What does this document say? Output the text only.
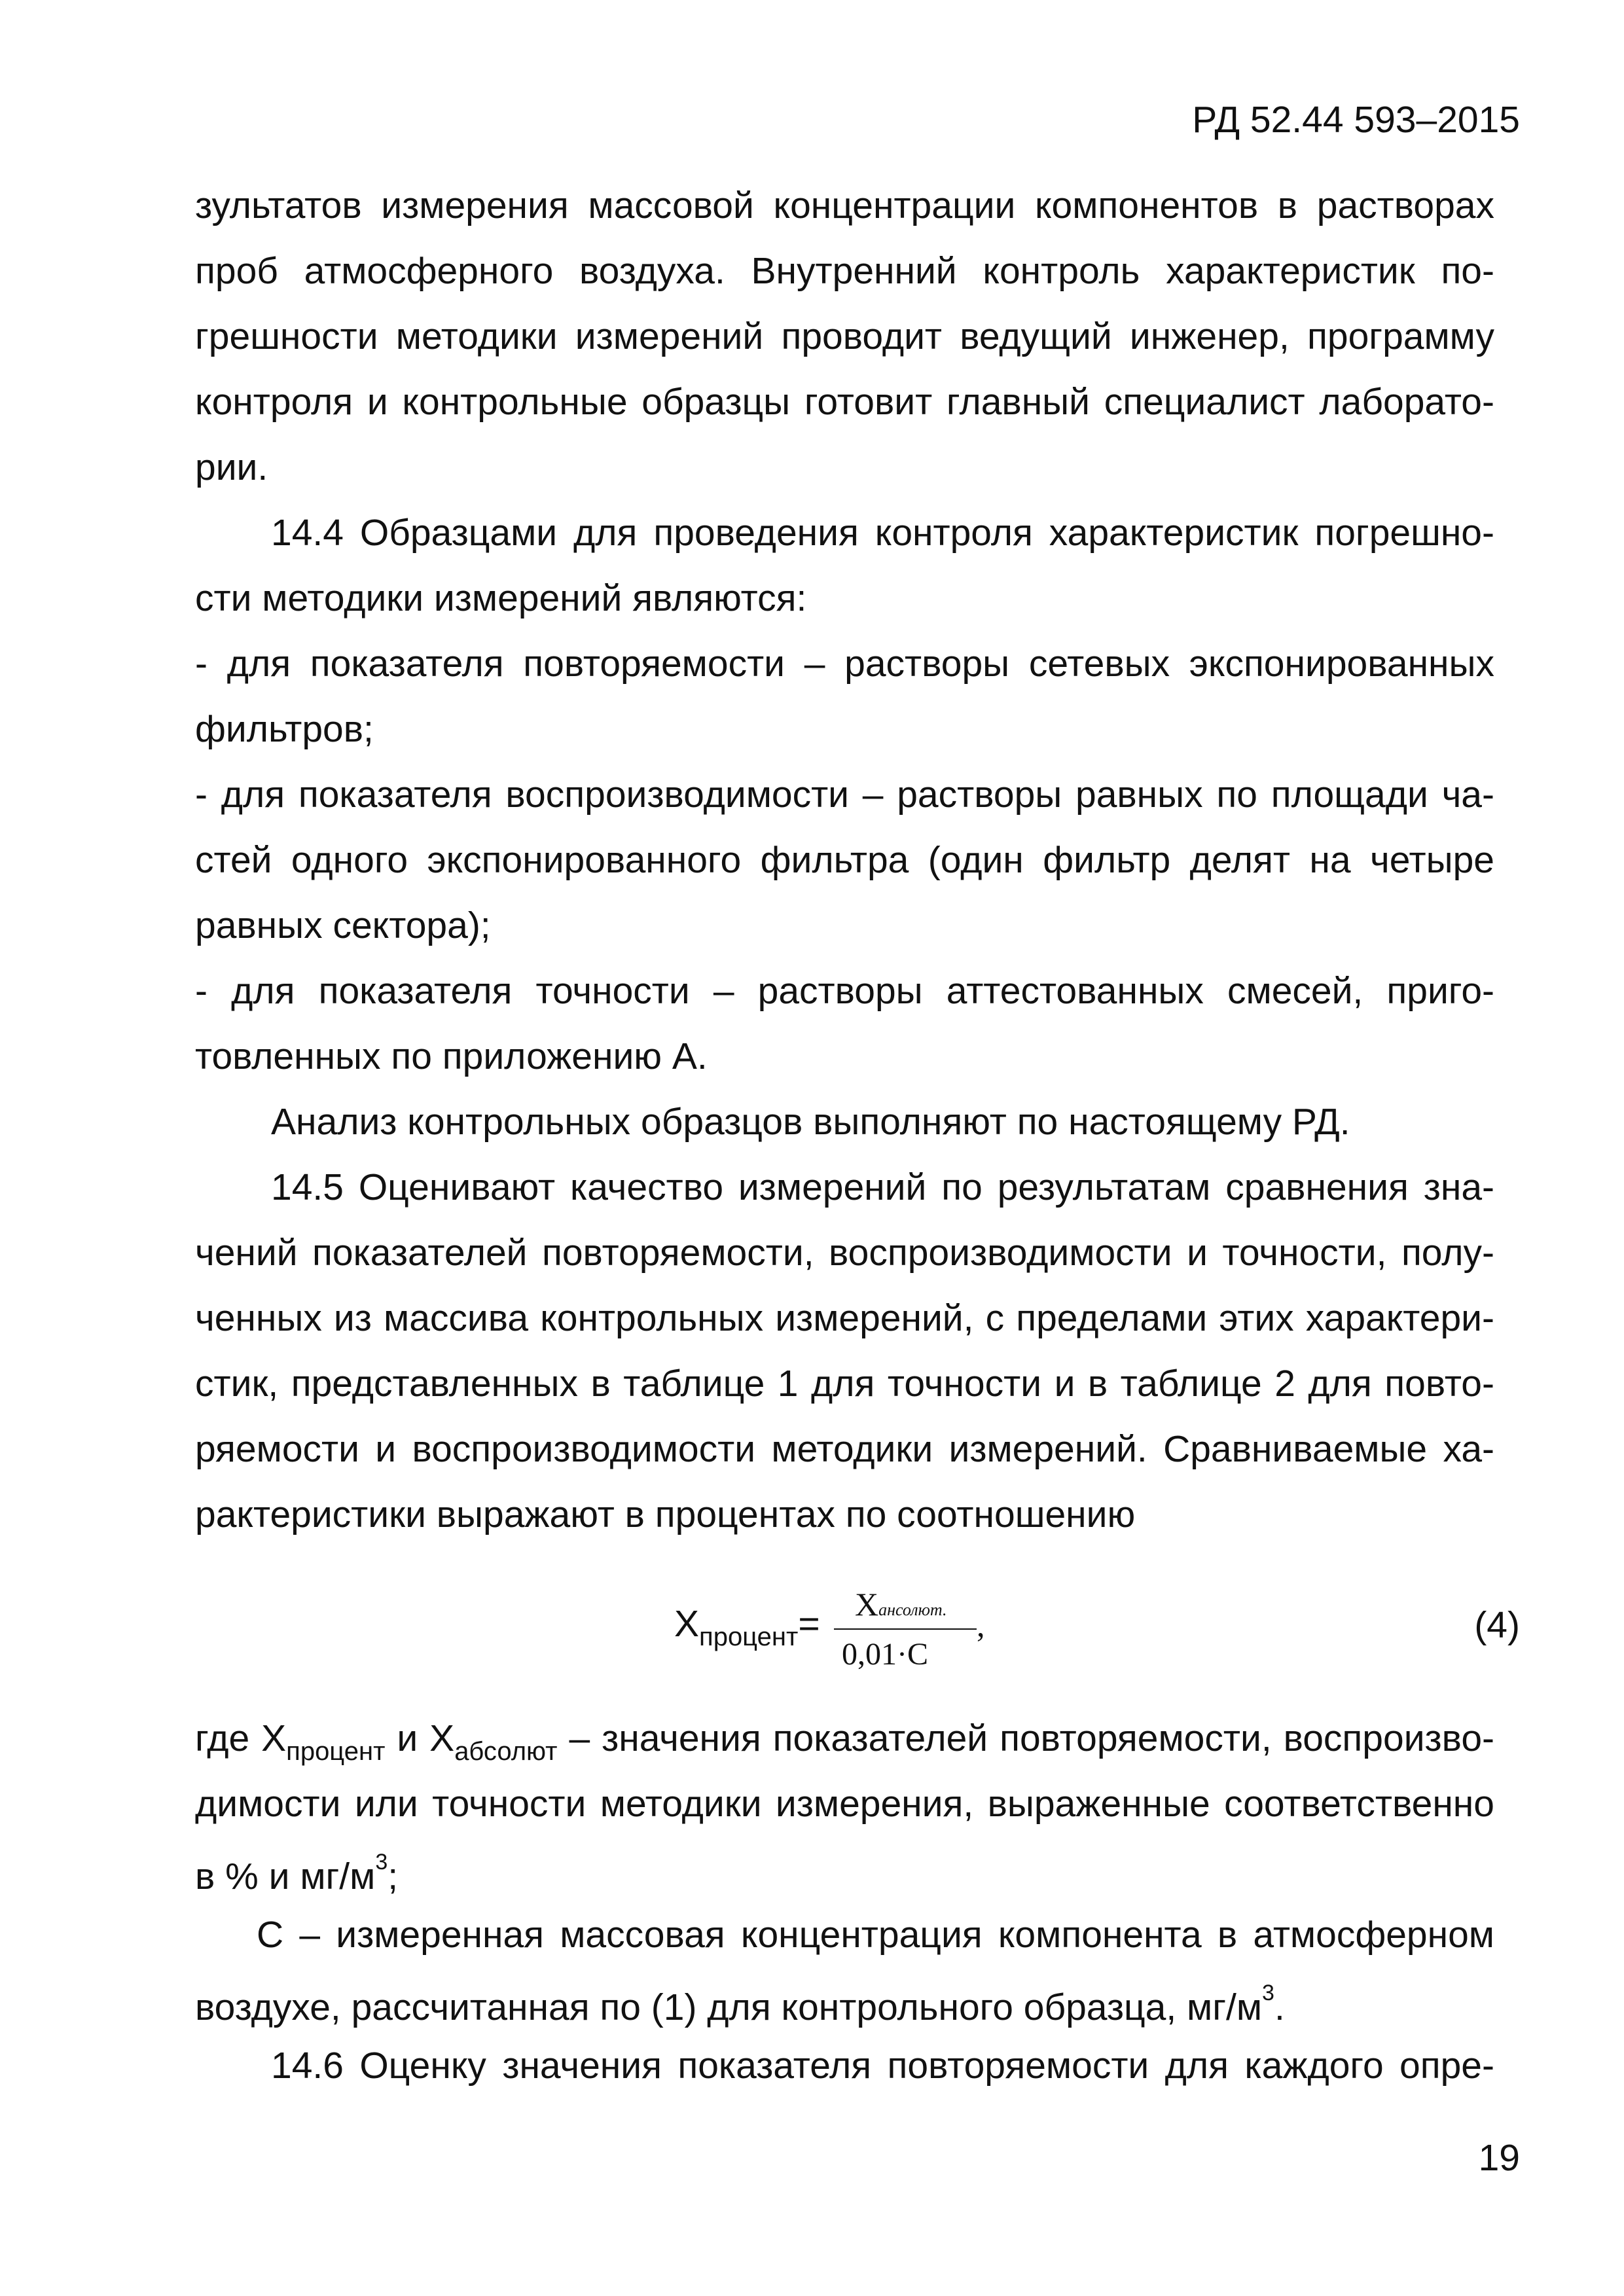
РД 52.44 593–2015
зультатов измерения массовой концентрации компонентов в растворах
проб атмосферного воздуха. Внутренний контроль характеристик по-
грешности методики измерений проводит ведущий инженер, программу
контроля и контрольные образцы готовит главный специалист лаборато-
рии.
14.4 Образцами для проведения контроля характеристик погрешно-
сти методики измерений являются:
- для показателя повторяемости – растворы сетевых экспонированных
фильтров;
- для показателя воспроизводимости – растворы равных по площади ча-
стей одного экспонированного фильтра (один фильтр делят на четыре
равных сектора);
- для показателя точности – растворы аттестованных смесей, приго-
товленных по приложению А.
Анализ контрольных образцов выполняют по настоящему РД.
14.5 Оценивают качество измерений по результатам сравнения зна-
чений показателей повторяемости, воспроизводимости и точности, полу-
ченных из массива контрольных измерений, с пределами этих характери-
стик, представленных в таблице 1 для точности и в таблице 2 для повто-
ряемости и воспроизводимости методики измерений. Сравниваемые ха-
рактеристики выражают в процентах по соотношению
$X_{процент}=$ Xансолют.
0,01·C
,	(4)
где $X_{процент}$ и $X_{абсолют}$ – значения показателей повторяемости, воспроизво-
димости или точности методики измерения, выраженные соответственно
в % и $мг/м^3$;
С – измеренная массовая концентрация компонента в атмосферном
воздухе, рассчитанная по (1) для контрольного образца, $мг/м^3$.
14.6 Оценку значения показателя повторяемости для каждого опре-
19
